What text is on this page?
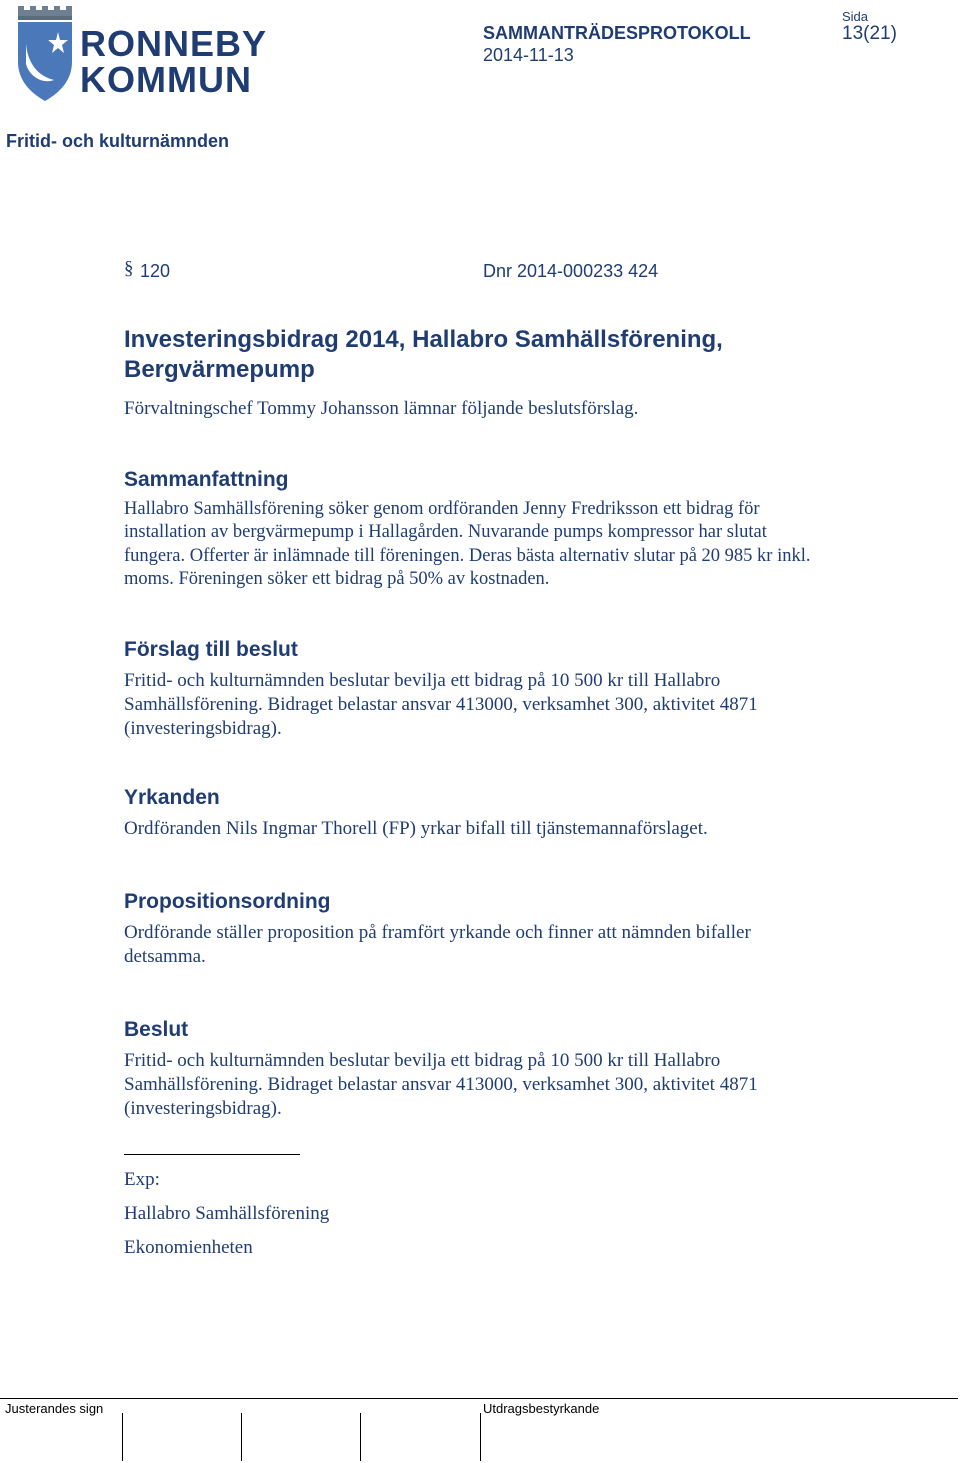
RONNEBY
KOMMUN
SAMMANTRÄDESPROTOKOLL
2014-11-13
Sida
13(21)
Fritid- och kulturnämnden
§ 120	Dnr 2014-000233 424
Investeringsbidrag 2014, Hallabro Samhällsförening,
Bergvärmepump
Förvaltningschef Tommy Johansson lämnar följande beslutsförslag.
Sammanfattning
Hallabro Samhällsförening söker genom ordföranden Jenny Fredriksson ett bidrag för installation av bergvärmepump i Hallagården. Nuvarande pumps kompressor har slutat fungera. Offerter är inlämnade till föreningen. Deras bästa alternativ slutar på 20 985 kr inkl. moms. Föreningen söker ett bidrag på 50% av kostnaden.
Förslag till beslut
Fritid- och kulturnämnden beslutar bevilja ett bidrag på 10 500 kr till Hallabro Samhällsförening. Bidraget belastar ansvar 413000, verksamhet 300, aktivitet 4871 (investeringsbidrag).
Yrkanden
Ordföranden Nils Ingmar Thorell (FP) yrkar bifall till tjänstemannaförslaget.
Propositionsordning
Ordförande ställer proposition på framfört yrkande och finner att nämnden bifaller detsamma.
Beslut
Fritid- och kulturnämnden beslutar bevilja ett bidrag på 10 500 kr till Hallabro Samhällsförening. Bidraget belastar ansvar 413000, verksamhet 300, aktivitet 4871 (investeringsbidrag).
Exp:
Hallabro Samhällsförening
Ekonomienheten
Justerandes sign	Utdragsbestyrkande
